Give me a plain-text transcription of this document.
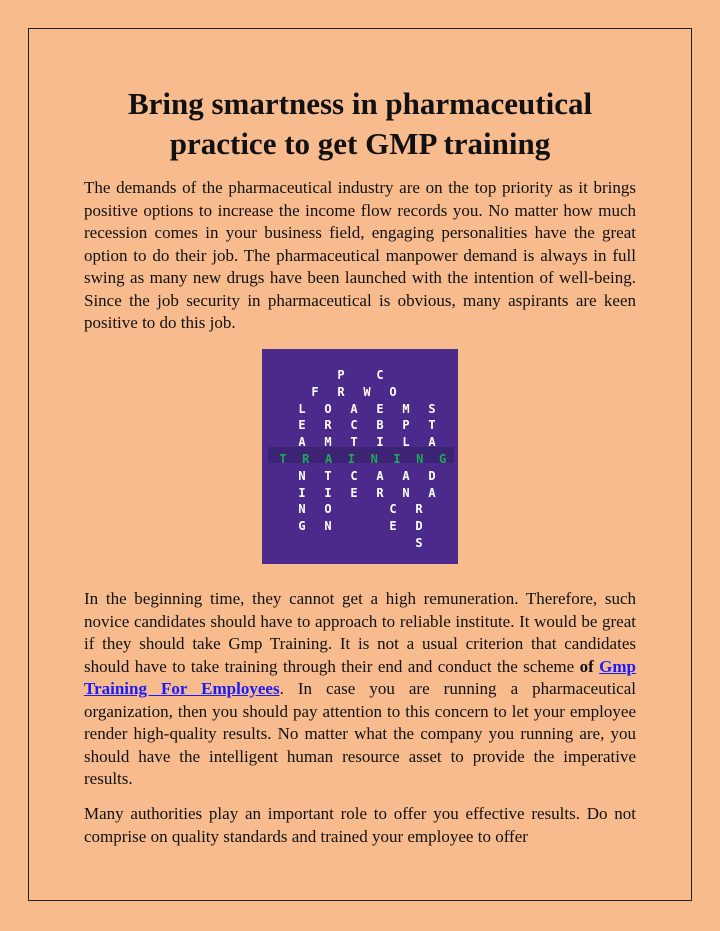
Bring smartness in pharmaceutical practice to get GMP training

The demands of the pharmaceutical industry are on the top priority as it brings positive options to increase the income flow records you. No matter how much recession comes in your business field, engaging personalities have the great option to do their job. The pharmaceutical manpower demand is always in full swing as many new drugs have been launched with the intention of well-being. Since the job security in pharmaceutical is obvious, many aspirants are keen positive to do this job.

P	C
F R W O
L O A E M S
E R C B P T
A M T I L A
T R A I N I N G
N T C A A D
I I E R N A
N O	C R
G N	E D
S

In the beginning time, they cannot get a high remuneration. Therefore, such novice candidates should have to approach to reliable institute. It would be great if they should take Gmp Training. It is not a usual criterion that candidates should have to take training through their end and conduct the scheme of Gmp Training For Employees. In case you are running a pharmaceutical organization, then you should pay attention to this concern to let your employee render high-quality results. No matter what the company you running are, you should have the intelligent human resource asset to provide the imperative results.

Many authorities play an important role to offer you effective results. Do not comprise on quality standards and trained your employee to offer
